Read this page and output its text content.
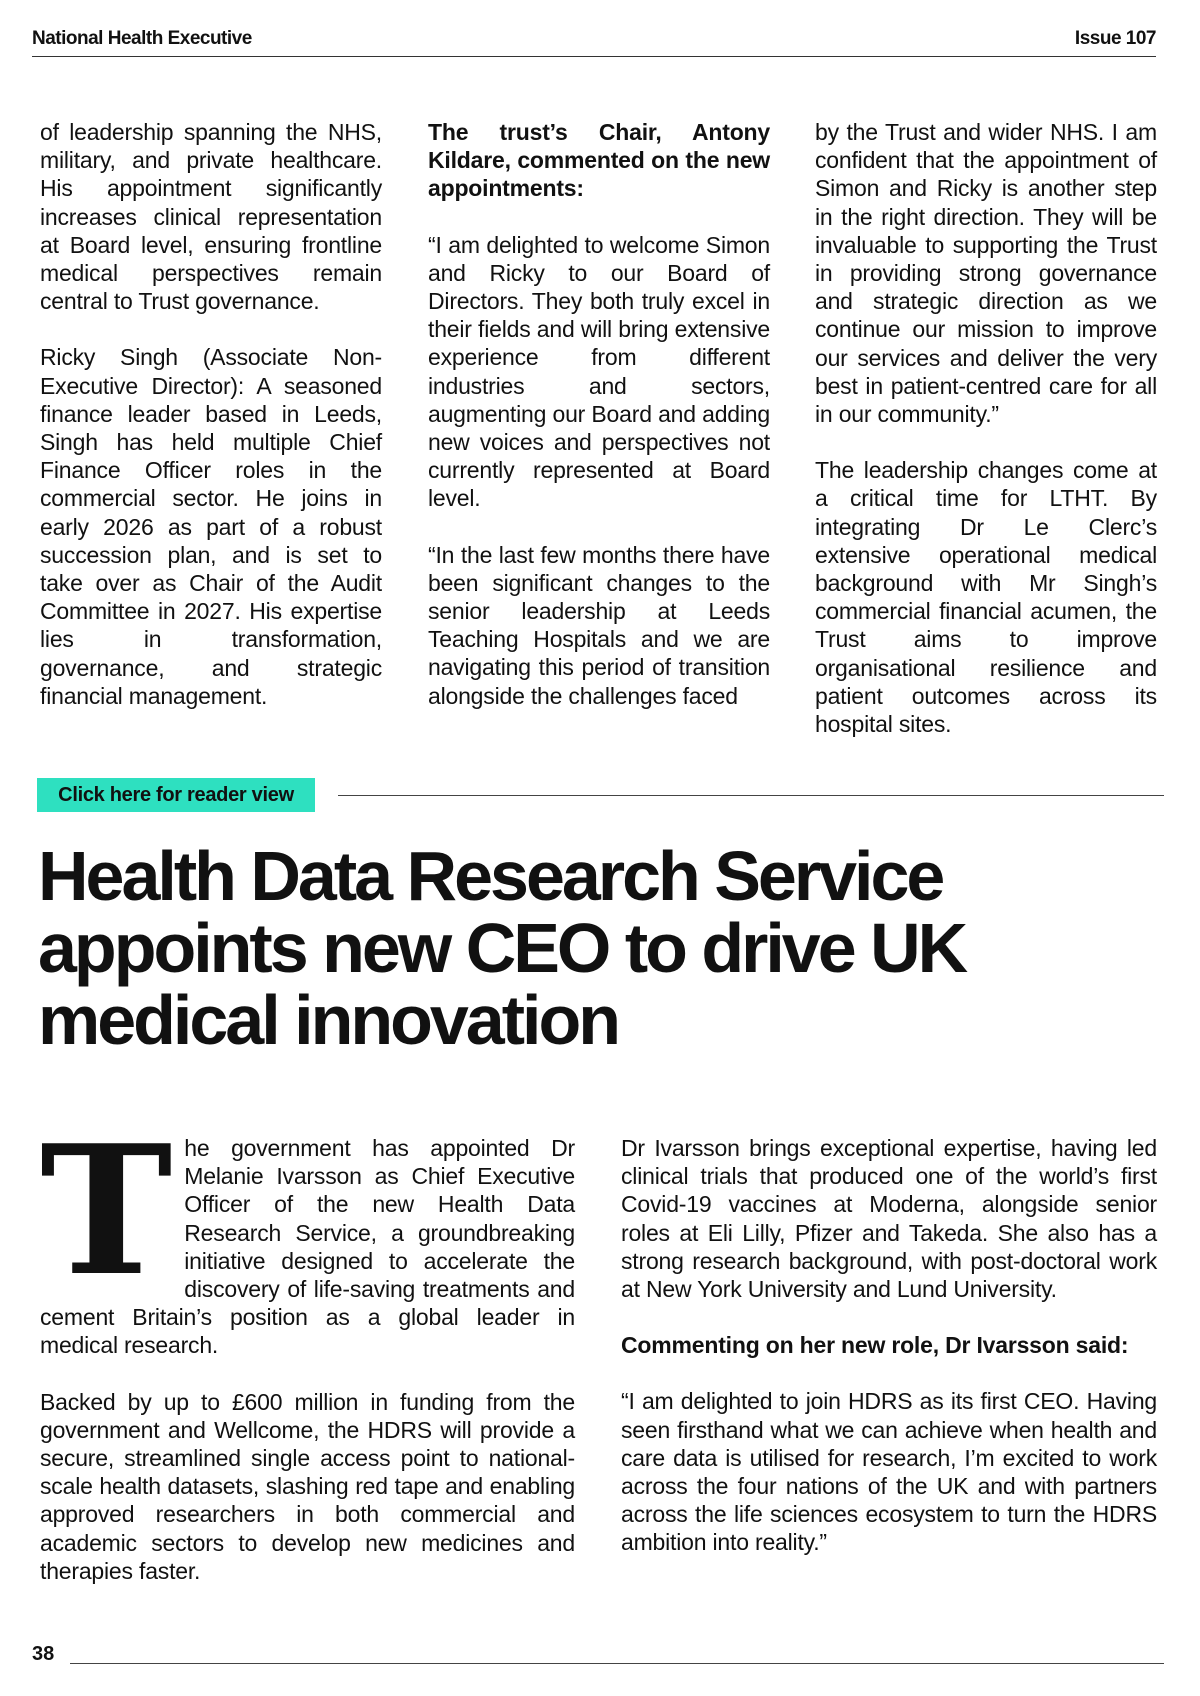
National Health Executive	Issue 107

of leadership spanning the NHS, military, and private healthcare. His appointment significantly increases clinical representation at Board level, ensuring frontline medical perspectives remain central to Trust governance.

Ricky Singh (Associate Non-Executive Director): A seasoned finance leader based in Leeds, Singh has held multiple Chief Finance Officer roles in the commercial sector. He joins in early 2026 as part of a robust succession plan, and is set to take over as Chair of the Audit Committee in 2027. His expertise lies in transformation, governance, and strategic financial management.

The trust’s Chair, Antony Kildare, commented on the new appointments:

“I am delighted to welcome Simon and Ricky to our Board of Directors. They both truly excel in their fields and will bring extensive experience from different industries and sectors, augmenting our Board and adding new voices and perspectives not currently represented at Board level.

“In the last few months there have been significant changes to the senior leadership at Leeds Teaching Hospitals and we are navigating this period of transition alongside the challenges faced

by the Trust and wider NHS. I am confident that the appointment of Simon and Ricky is another step in the right direction. They will be invaluable to supporting the Trust in providing strong governance and strategic direction as we continue our mission to improve our services and deliver the very best in patient-centred care for all in our community.”

The leadership changes come at a critical time for LTHT. By integrating Dr Le Clerc’s extensive operational medical background with Mr Singh’s commercial financial acumen, the Trust aims to improve organisational resilience and patient outcomes across its hospital sites.

Click here for reader view
Health Data Research Service appoints new CEO to drive UK medical innovation
T he government has appointed Dr Melanie Ivarsson as Chief Executive Officer of the new Health Data Research Service, a groundbreaking initiative designed to accelerate the discovery of life-saving treatments and cement Britain’s position as a global leader in medical research.

Backed by up to £600 million in funding from the government and Wellcome, the HDRS will provide a secure, streamlined single access point to national-scale health datasets, slashing red tape and enabling approved researchers in both commercial and academic sectors to develop new medicines and therapies faster.

Dr Ivarsson brings exceptional expertise, having led clinical trials that produced one of the world’s first Covid-19 vaccines at Moderna, alongside senior roles at Eli Lilly, Pfizer and Takeda. She also has a strong research background, with post-doctoral work at New York University and Lund University.

Commenting on her new role, Dr Ivarsson said:

“I am delighted to join HDRS as its first CEO. Having seen firsthand what we can achieve when health and care data is utilised for research, I’m excited to work across the four nations of the UK and with partners across the life sciences ecosystem to turn the HDRS ambition into reality.”

38
